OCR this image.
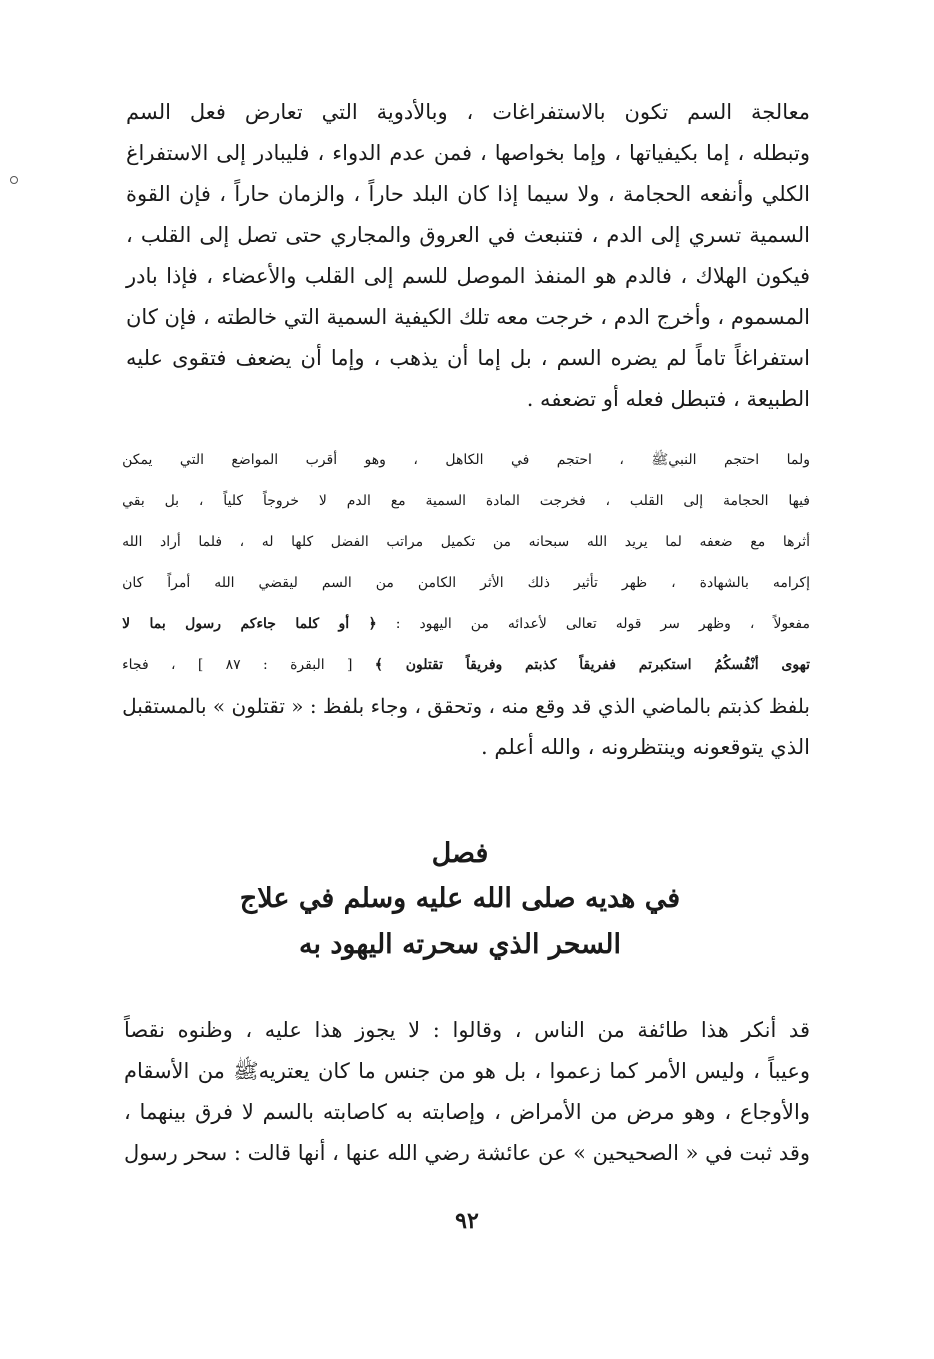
معالجة السم تكون بالاستفراغات ، وبالأدوية التي تعارض فعل السم
وتبطله ، إما بكيفياتها ، وإما بخواصها ، فمن عدم الدواء ، فليبادر إلى الاستفراغ
الكلي وأنفعه الحجامة ، ولا سيما إذا كان البلد حاراً ، والزمان حاراً ، فإن القوة
السمية تسري إلى الدم ، فتنبعث في العروق والمجاري حتى تصل إلى القلب ،
فيكون الهلاك ، فالدم هو المنفذ الموصل للسم إلى القلب والأعضاء ، فإذا بادر
المسموم ، وأخرج الدم ، خرجت معه تلك الكيفية السمية التي خالطته ، فإن كان
استفراغاً تاماً لم يضره السم ، بل إما أن يذهب ، وإما أن يضعف فتقوى عليه
الطبيعة ، فتبطل فعله أو تضعفه .
ولما احتجم النبيﷺ ، احتجم في الكاهل ، وهو أقرب المواضع التي يمكن
فيها الحجامة إلى القلب ، فخرجت المادة السمية مع الدم لا خروجاً كلياً ، بل بقي
أثرها مع ضعفه لما يريد الله سبحانه من تكميل مراتب الفضل كلها له ، فلما أراد الله
إكرامه بالشهادة ، ظهر تأثير ذلك الأثر الكامن من السم ليقضي الله أمراً كان
مفعولاً ، وظهر سر قوله تعالى لأعدائه من اليهود : ﴿ أو كلما جاءكم رسول بما لا
تهوى أنْفُسكُمُ استكبرتم ففريقاً كذبتم وفريقاً تقتلون ﴾ [ البقرة : ٨٧ ] ، فجاء
بلفظ كذبتم بالماضي الذي قد وقع منه ، وتحقق ، وجاء بلفظ : « تقتلون » بالمستقبل
الذي يتوقعونه وينتظرونه ، والله أعلم .
فصل
في هديه صلى الله عليه وسلم في علاج
السحر الذي سحرته اليهود به
قد أنكر هذا طائفة من الناس ، وقالوا : لا يجوز هذا عليه ، وظنوه نقصاً
وعيباً ، وليس الأمر كما زعموا ، بل هو من جنس ما كان يعتريهﷺ من الأسقام
والأوجاع ، وهو مرض من الأمراض ، وإصابته به كاصابته بالسم لا فرق بينهما ،
وقد ثبت في « الصحيحين » عن عائشة رضي الله عنها ، أنها قالت : سحر رسول
٩٢
